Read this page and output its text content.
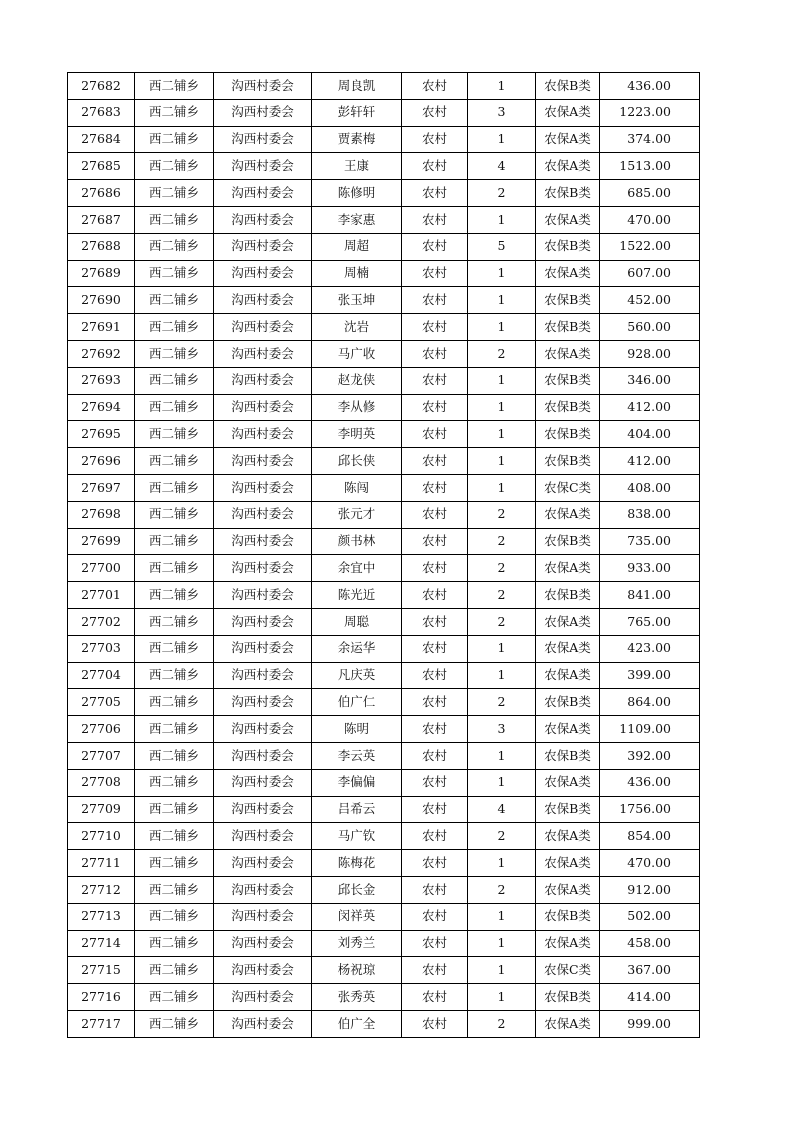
27682	西二铺乡	沟西村委会	周良凯	农村	1	农保B类	436.00
27683	西二铺乡	沟西村委会	彭轩轩	农村	3	农保A类	1223.00
27684	西二铺乡	沟西村委会	贾素梅	农村	1	农保A类	374.00
27685	西二铺乡	沟西村委会	王康	农村	4	农保A类	1513.00
27686	西二铺乡	沟西村委会	陈修明	农村	2	农保B类	685.00
27687	西二铺乡	沟西村委会	李家惠	农村	1	农保A类	470.00
27688	西二铺乡	沟西村委会	周超	农村	5	农保B类	1522.00
27689	西二铺乡	沟西村委会	周楠	农村	1	农保A类	607.00
27690	西二铺乡	沟西村委会	张玉坤	农村	1	农保B类	452.00
27691	西二铺乡	沟西村委会	沈岩	农村	1	农保B类	560.00
27692	西二铺乡	沟西村委会	马广收	农村	2	农保A类	928.00
27693	西二铺乡	沟西村委会	赵龙侠	农村	1	农保B类	346.00
27694	西二铺乡	沟西村委会	李从修	农村	1	农保B类	412.00
27695	西二铺乡	沟西村委会	李明英	农村	1	农保B类	404.00
27696	西二铺乡	沟西村委会	邱长侠	农村	1	农保B类	412.00
27697	西二铺乡	沟西村委会	陈闯	农村	1	农保C类	408.00
27698	西二铺乡	沟西村委会	张元才	农村	2	农保A类	838.00
27699	西二铺乡	沟西村委会	颜书林	农村	2	农保B类	735.00
27700	西二铺乡	沟西村委会	余宜中	农村	2	农保A类	933.00
27701	西二铺乡	沟西村委会	陈光近	农村	2	农保B类	841.00
27702	西二铺乡	沟西村委会	周聪	农村	2	农保A类	765.00
27703	西二铺乡	沟西村委会	余运华	农村	1	农保A类	423.00
27704	西二铺乡	沟西村委会	凡庆英	农村	1	农保A类	399.00
27705	西二铺乡	沟西村委会	伯广仁	农村	2	农保B类	864.00
27706	西二铺乡	沟西村委会	陈明	农村	3	农保A类	1109.00
27707	西二铺乡	沟西村委会	李云英	农村	1	农保B类	392.00
27708	西二铺乡	沟西村委会	李偏偏	农村	1	农保A类	436.00
27709	西二铺乡	沟西村委会	吕希云	农村	4	农保B类	1756.00
27710	西二铺乡	沟西村委会	马广钦	农村	2	农保A类	854.00
27711	西二铺乡	沟西村委会	陈梅花	农村	1	农保A类	470.00
27712	西二铺乡	沟西村委会	邱长金	农村	2	农保A类	912.00
27713	西二铺乡	沟西村委会	闵祥英	农村	1	农保B类	502.00
27714	西二铺乡	沟西村委会	刘秀兰	农村	1	农保A类	458.00
27715	西二铺乡	沟西村委会	杨祝琼	农村	1	农保C类	367.00
27716	西二铺乡	沟西村委会	张秀英	农村	1	农保B类	414.00
27717	西二铺乡	沟西村委会	伯广全	农村	2	农保A类	999.00
